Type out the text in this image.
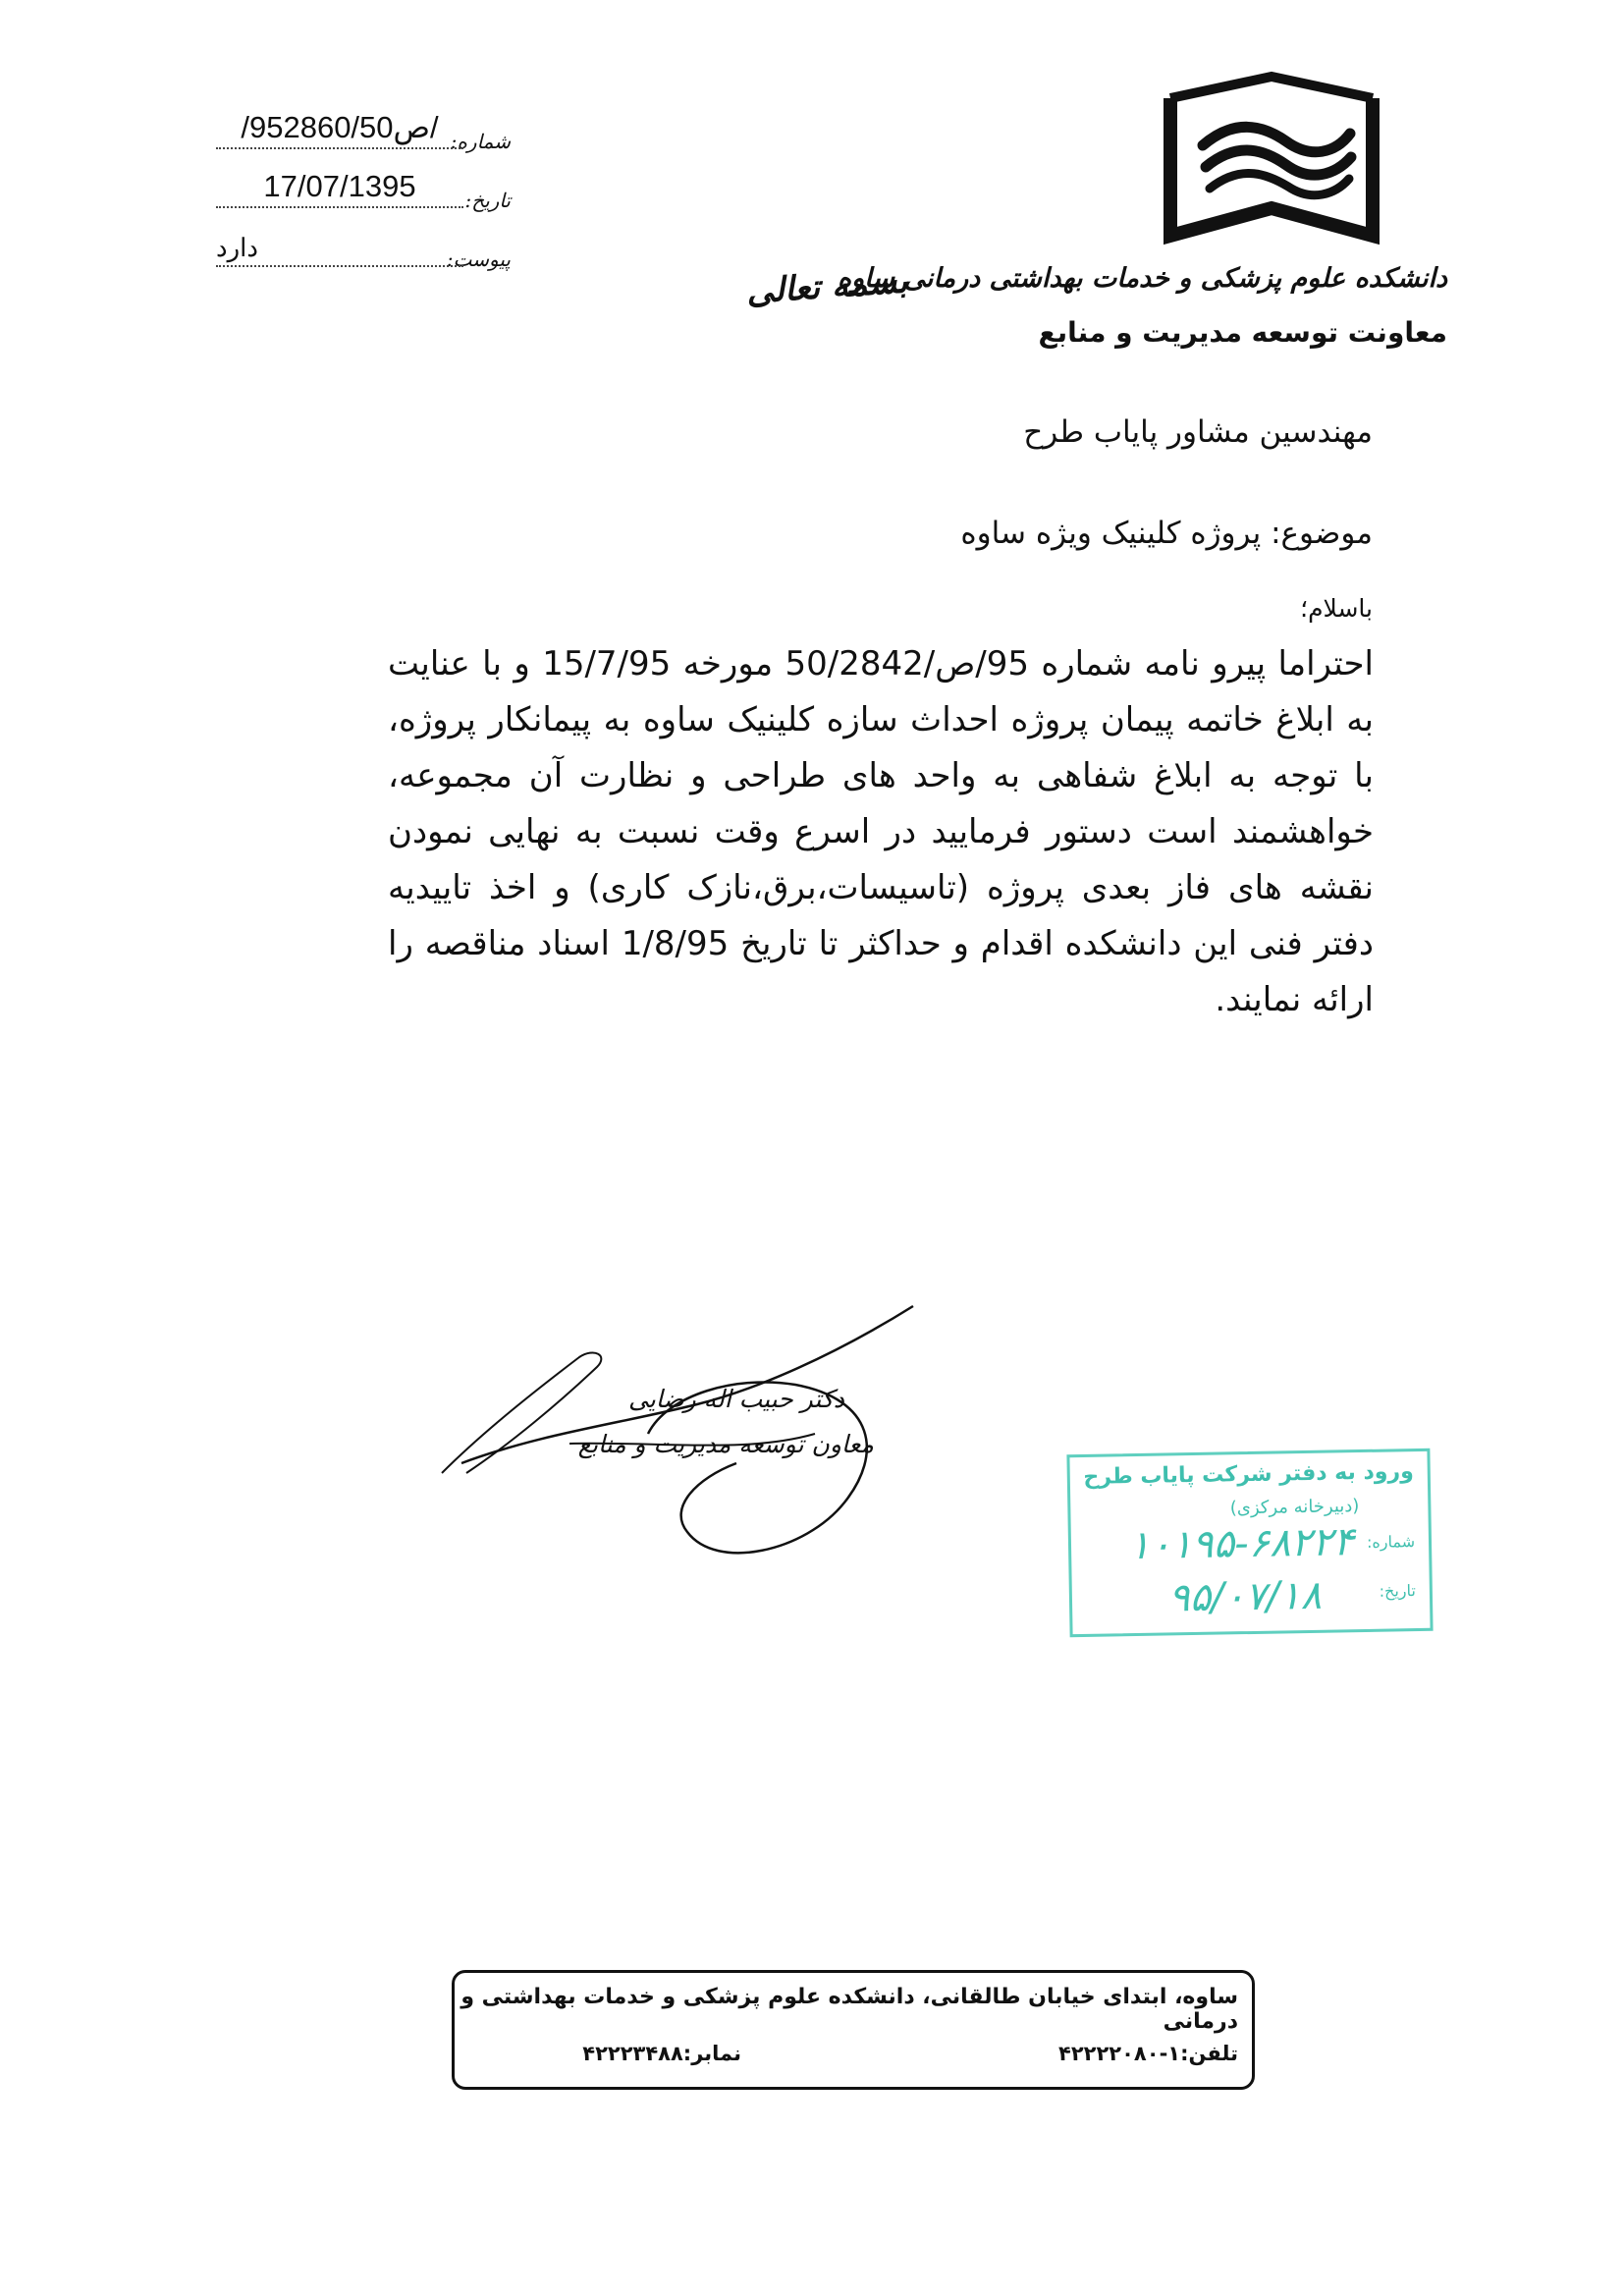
دانشکده علوم پزشکی و خدمات بهداشتی درمانی ساوه
معاونت توسعه مدیریت و منابع
بسمه تعالی
شماره:
/95ص2860/50/
تاریخ:
17/07/1395
پیوست:
دارد
مهندسین مشاور پایاب طرح
موضوع: پروژه کلینیک ویژه ساوه
باسلام؛
احتراما پیرو نامه شماره 95/ص/50/2842 مورخه 15/7/95 و با عنایت به ابلاغ خاتمه پیمان پروژه احداث سازه کلینیک ساوه به پیمانکار پروژه، با توجه به ابلاغ شفاهی به واحد های طراحی و نظارت آن مجموعه، خواهشمند است دستور فرمایید در اسرع وقت نسبت به نهایی نمودن نقشه های فاز بعدی پروژه (تاسیسات،برق،نازک کاری) و اخذ تاییدیه دفتر فنی این دانشکده اقدام و حداکثر تا تاریخ 1/8/95 اسناد مناقصه را ارائه نمایند.
دکتر حبیب اله رضایی
معاون توسعه مدیریت و منابع
ورود به دفتر شرکت پایاب طرح
(دبیرخانه مرکزی)
شماره:
۱۰۱۹۵-۶۸۲۲۴
تاریخ:
۹۵/۰۷/۱۸
ساوه، ابتدای خیابان طالقانی، دانشکده علوم پزشکی و خدمات بهداشتی و درمانی
تلفن:۱-۴۲۲۲۲۰۸۰
نمابر:۴۲۲۲۳۴۸۸
